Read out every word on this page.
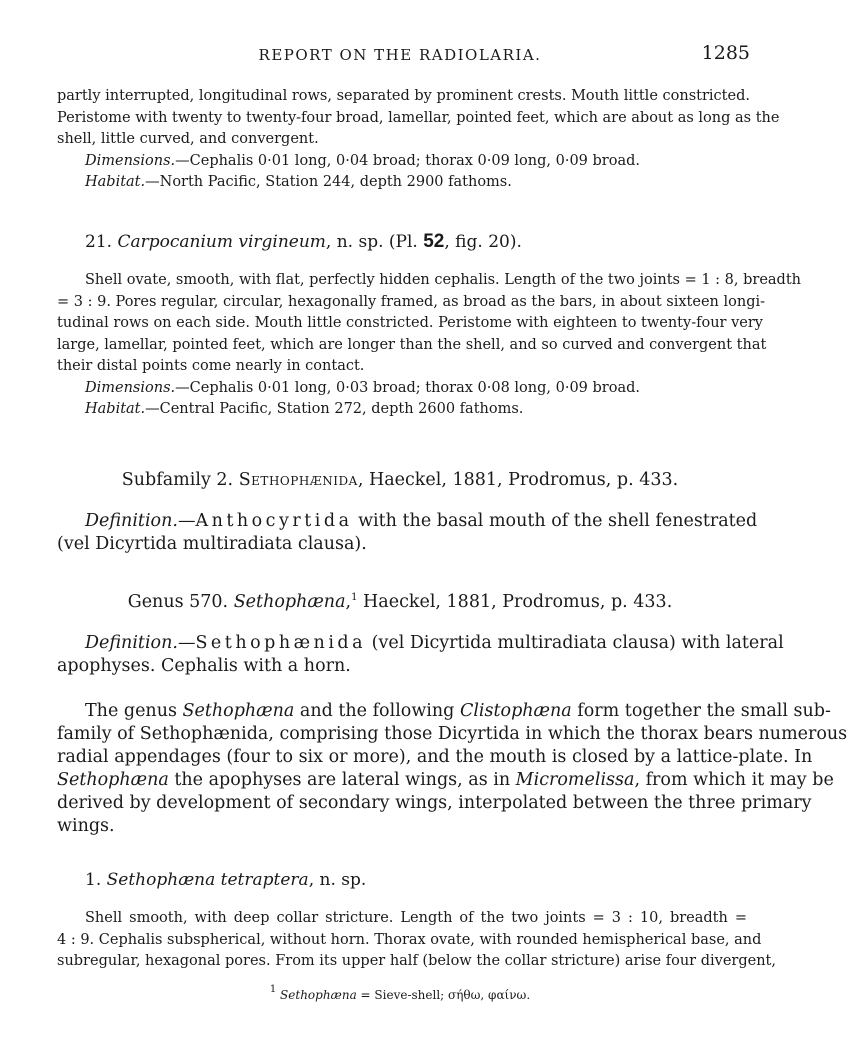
REPORT ON THE RADIOLARIA.	1285
partly interrupted, longitudinal rows, separated by prominent crests. Mouth little constricted.
Peristome with twenty to twenty-four broad, lamellar, pointed feet, which are about as long as the
shell, little curved, and convergent.
Dimensions.—Cephalis 0·01 long, 0·04 broad; thorax 0·09 long, 0·09 broad.
Habitat.—North Pacific, Station 244, depth 2900 fathoms.
21. Carpocanium virgineum, n. sp. (Pl. 52, fig. 20).
Shell ovate, smooth, with flat, perfectly hidden cephalis. Length of the two joints = 1 : 8, breadth
= 3 : 9. Pores regular, circular, hexagonally framed, as broad as the bars, in about sixteen longi-
tudinal rows on each side. Mouth little constricted. Peristome with eighteen to twenty-four very
large, lamellar, pointed feet, which are longer than the shell, and so curved and convergent that
their distal points come nearly in contact.
Dimensions.—Cephalis 0·01 long, 0·03 broad; thorax 0·08 long, 0·09 broad.
Habitat.—Central Pacific, Station 272, depth 2600 fathoms.
Subfamily 2. Sethophænida, Haeckel, 1881, Prodromus, p. 433.
Definition.—Anthocyrtida with the basal mouth of the shell fenestrated
(vel Dicyrtida multiradiata clausa).
Genus 570. Sethophæna,$^1$ Haeckel, 1881, Prodromus, p. 433.
Definition.—Sethophænida (vel Dicyrtida multiradiata clausa) with lateral
apophyses. Cephalis with a horn.
The genus Sethophæna and the following Clistophæna form together the small sub-
family of Sethophænida, comprising those Dicyrtida in which the thorax bears numerous
radial appendages (four to six or more), and the mouth is closed by a lattice-plate. In
Sethophæna the apophyses are lateral wings, as in Micromelissa, from which it may be
derived by development of secondary wings, interpolated between the three primary
wings.
1. Sethophæna tetraptera, n. sp.
Shell smooth, with deep collar stricture. Length of the two joints = 3 : 10, breadth =
4 : 9. Cephalis subspherical, without horn. Thorax ovate, with rounded hemispherical base, and
subregular, hexagonal pores. From its upper half (below the collar stricture) arise four divergent,
$^1$ Sethophæna = Sieve-shell; σήθω, φαίνω.
